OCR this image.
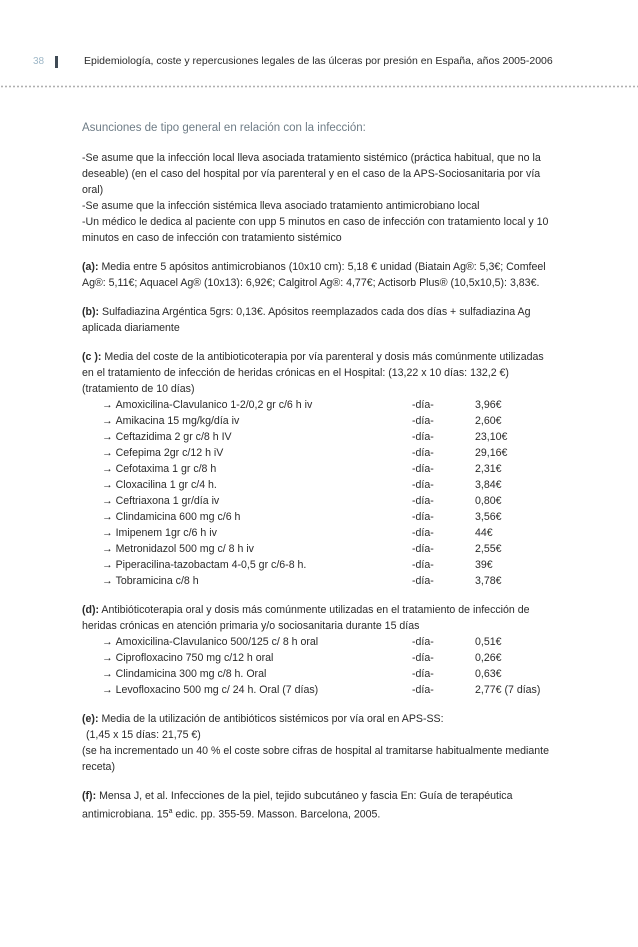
38	Epidemiología, coste y repercusiones legales de las úlceras por presión en España, años 2005-2006
Asunciones de tipo general en relación con la infección:

-Se asume que la infección local lleva asociada tratamiento sistémico (práctica habitual, que no la deseable) (en el caso del hospital por vía parenteral y en el caso de la APS-Sociosanitaria por vía oral)

-Se asume que la infección sistémica lleva asociado tratamiento antimicrobiano local

-Un médico le dedica al paciente con upp 5 minutos en caso de infección con tratamiento local y 10 minutos en caso de infección con tratamiento sistémico

(a): Media entre 5 apósitos antimicrobianos (10x10 cm): 5,18 € unidad (Biatain Ag®: 5,3€; Comfeel Ag®: 5,11€; Aquacel Ag® (10x13): 6,92€; Calgitrol Ag®: 4,77€; Actisorb Plus® (10,5x10,5): 3,83€.

(b): Sulfadiazina Argéntica 5grs: 0,13€. Apósitos reemplazados cada dos días + sulfadiazina Ag aplicada diariamente

(c ): Media del coste de la antibioticoterapia por vía parenteral y dosis más comúnmente utilizadas en el tratamiento de infección de heridas crónicas en el Hospital: (13,22 x 10 días: 132,2 €) (tratamiento de 10 días)

→ Amoxicilina-Clavulanico 1-2/0,2 gr c/6 h iv	-día-	3,96€
→ Amikacina 15 mg/kg/día iv	-día-	2,60€
→ Ceftazidima 2 gr c/8 h IV	-día-	23,10€
→ Cefepima 2gr c/12 h iV	-día-	29,16€
→ Cefotaxima 1 gr c/8 h	-día-	2,31€
→ Cloxacilina 1 gr c/4 h.	-día-	3,84€
→ Ceftriaxona 1 gr/día iv	-día-	0,80€
→ Clindamicina 600 mg c/6 h	-día-	3,56€
→ Imipenem 1gr c/6 h iv	-día-	44€
→ Metronidazol 500 mg c/ 8 h iv	-día-	2,55€
→ Piperacilina-tazobactam 4-0,5 gr c/6-8 h.	-día-	39€
→ Tobramicina c/8 h	-día-	3,78€

(d): Antibióticoterapia oral y dosis más comúnmente utilizadas en el tratamiento de infección de heridas crónicas en atención primaria y/o sociosanitaria durante 15 días

→ Amoxicilina-Clavulanico 500/125 c/ 8 h oral	-día-	0,51€
→ Ciprofloxacino 750 mg c/12 h oral	-día-	0,26€
→ Clindamicina 300 mg c/8 h. Oral	-día-	0,63€
→ Levofloxacino 500 mg c/ 24 h. Oral (7 días)	-día-	2,77€ (7 días)

(e): Media de la utilización de antibióticos sistémicos por vía oral en APS-SS:

(1,45 x 15 días: 21,75 €)

(se ha incrementado un 40 % el coste sobre cifras de hospital al tramitarse habitualmente mediante receta)

(f): Mensa J, et al. Infecciones de la piel, tejido subcutáneo y fascia En: Guía de terapéutica antimicrobiana. 15$^a$ edic. pp. 355-59. Masson. Barcelona, 2005.
